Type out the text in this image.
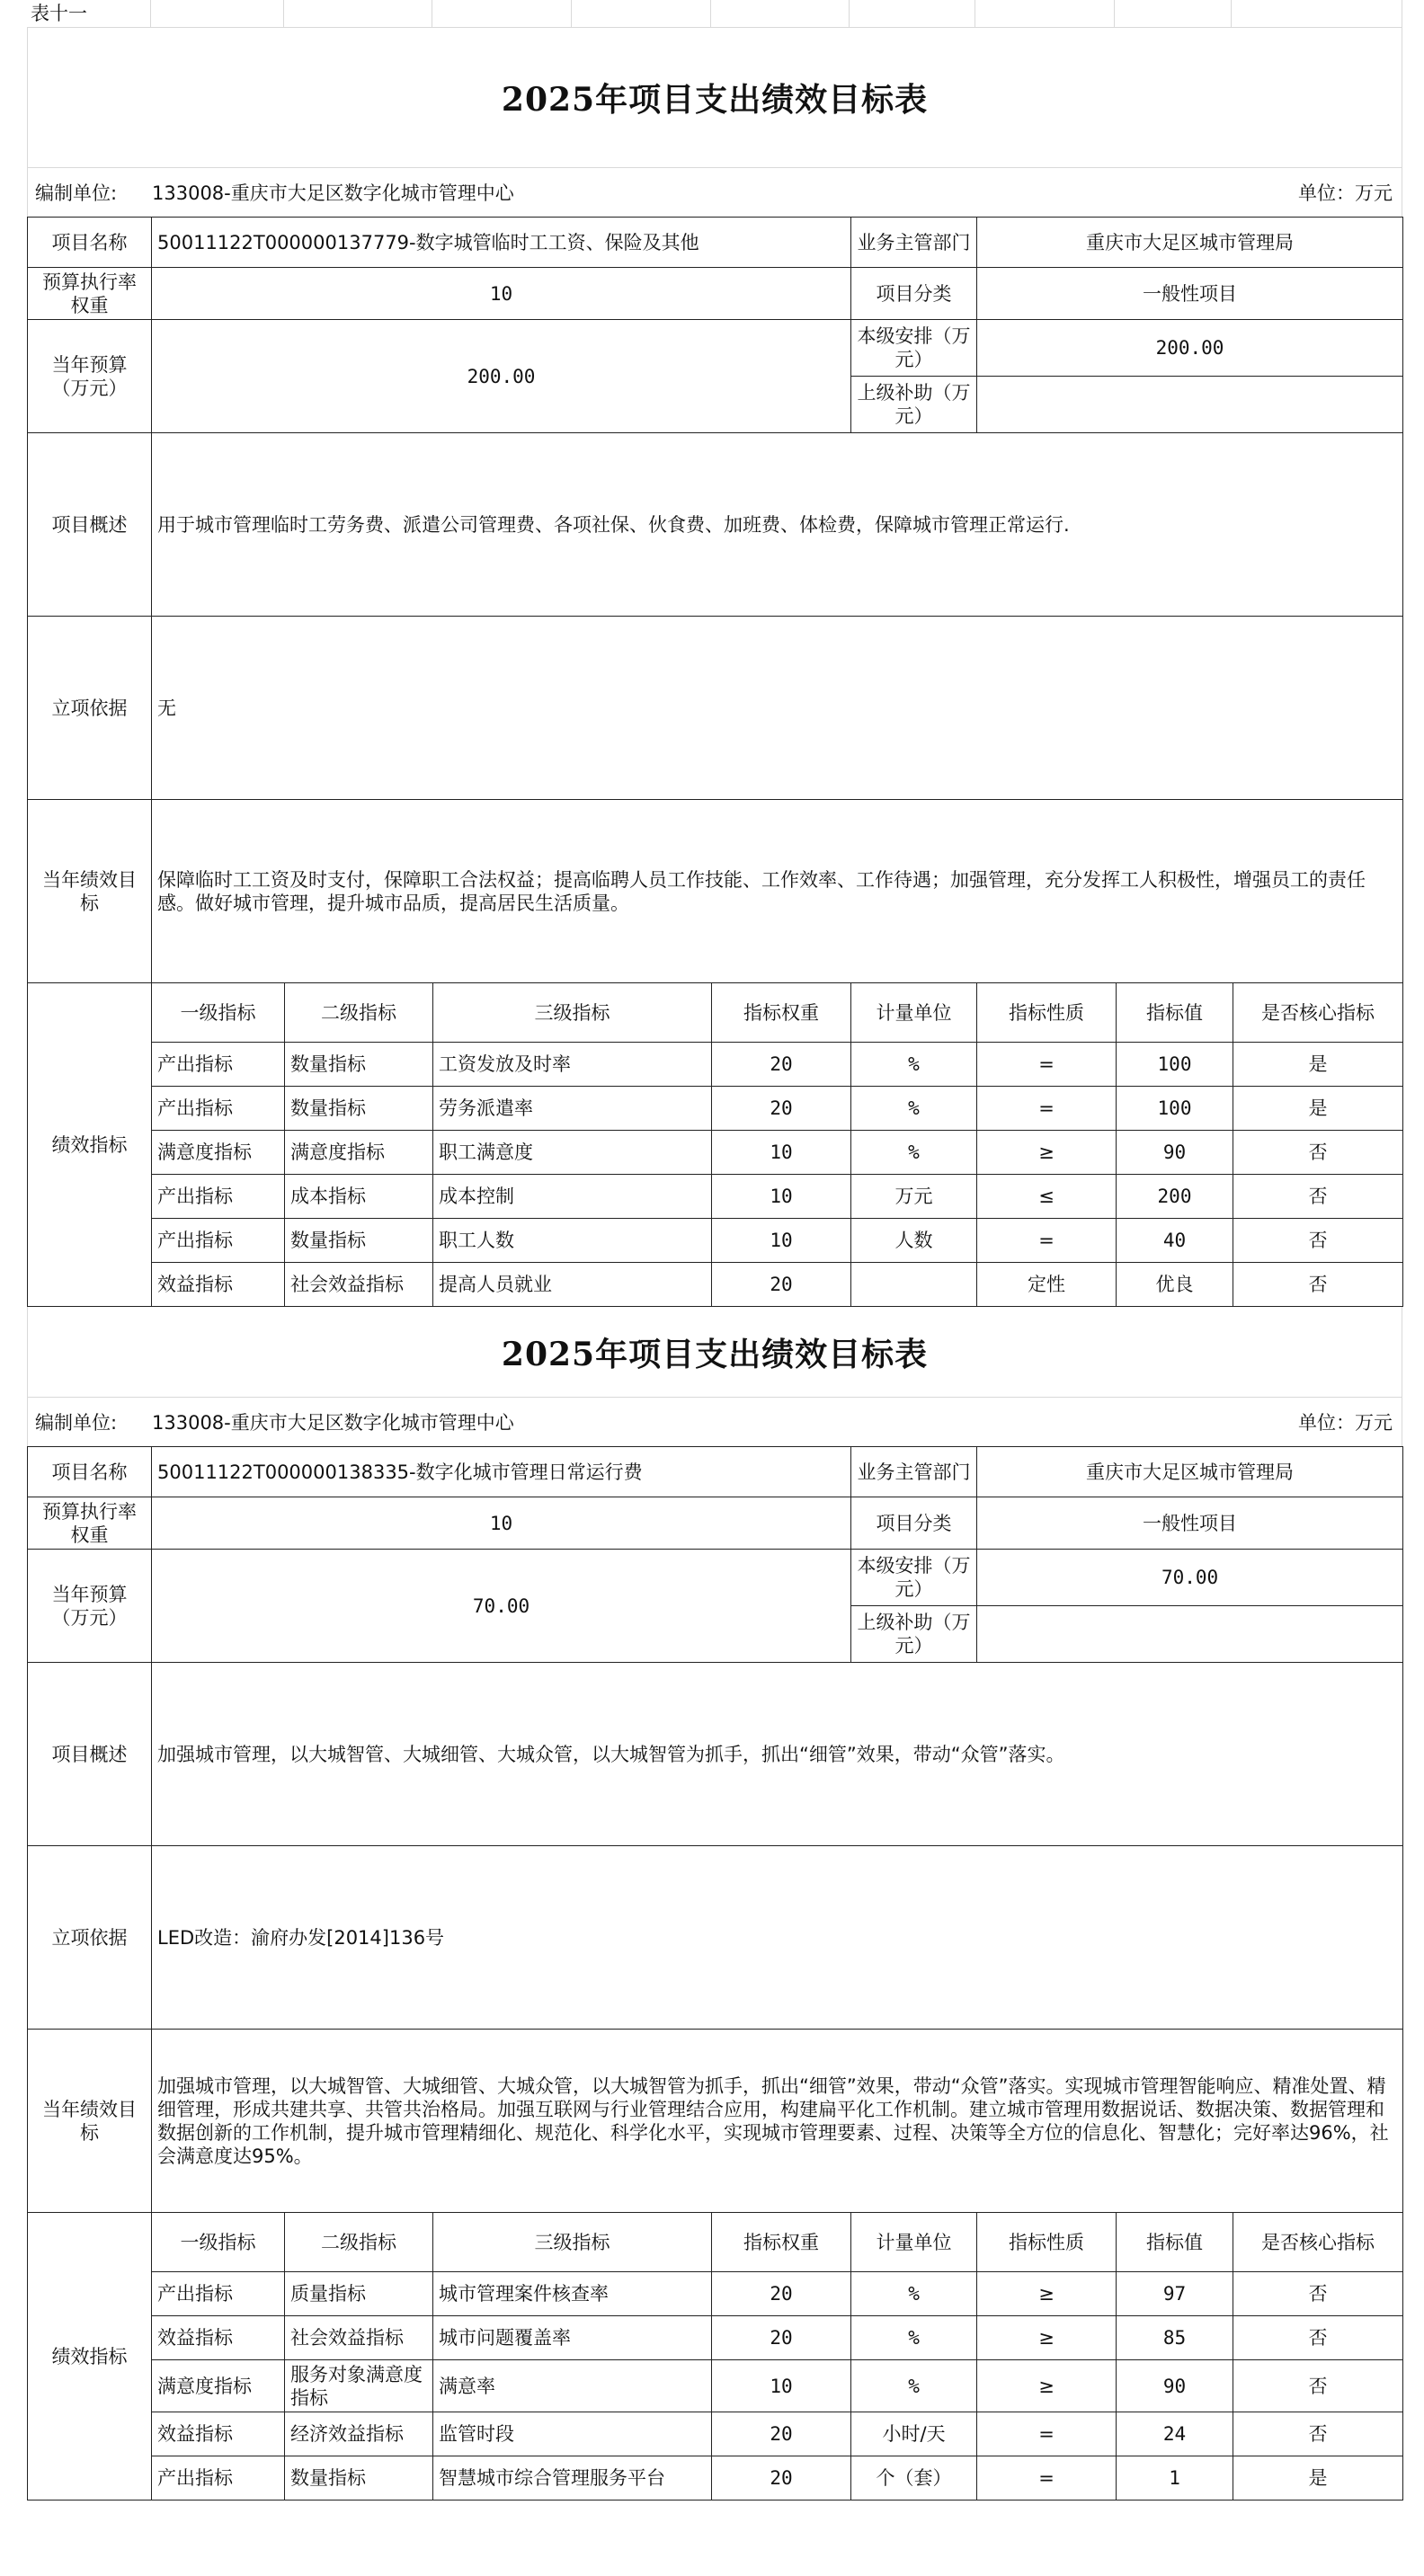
表十一
2025年项目支出绩效目标表
编制单位:	133008-重庆市大足区数字化城市管理中心	单位：万元
项目名称	50011122T000000137779-数字城管临时工工资、保险及其他				业务主管部门	重庆市大足区城市管理局		
预算执行率权重	10				项目分类	一般性项目		
当年预算（万元）	200.00				本级安排（万元）	200.00		
					上级补助（万元）			
项目概述	用于城市管理临时工劳务费、派遣公司管理费、各项社保、伙食费、加班费、体检费，保障城市管理正常运行.							
立项依据	无							
当年绩效目标	保障临时工工资及时支付，保障职工合法权益；提高临聘人员工作技能、工作效率、工作待遇；加强管理，充分发挥工人积极性，增强员工的责任感。做好城市管理，提升城市品质，提高居民生活质量。							
绩效指标	一级指标	二级指标	三级指标	指标权重	计量单位	指标性质	指标值	是否核心指标
	产出指标	数量指标	工资发放及时率	20	%	=	100	是
	产出指标	数量指标	劳务派遣率	20	%	=	100	是
	满意度指标	满意度指标	职工满意度	10	%	≥	90	否
	产出指标	成本指标	成本控制	10	万元	≤	200	否
	产出指标	数量指标	职工人数	10	人数	=	40	否
	效益指标	社会效益指标	提高人员就业	20		定性	优良	否
2025年项目支出绩效目标表
编制单位:	133008-重庆市大足区数字化城市管理中心	单位：万元
项目名称	50011122T000000138335-数字化城市管理日常运行费				业务主管部门	重庆市大足区城市管理局		
预算执行率权重	10				项目分类	一般性项目		
当年预算（万元）	70.00				本级安排（万元）	70.00		
					上级补助（万元）			
项目概述	加强城市管理，以大城智管、大城细管、大城众管，以大城智管为抓手，抓出“细管”效果，带动“众管”落实。							
立项依据	LED改造：渝府办发[2014]136号							
当年绩效目标	加强城市管理，以大城智管、大城细管、大城众管，以大城智管为抓手，抓出“细管”效果，带动“众管”落实。实现城市管理智能响应、精准处置、精细管理，形成共建共享、共管共治格局。加强互联网与行业管理结合应用，构建扁平化工作机制。建立城市管理用数据说话、数据决策、数据管理和数据创新的工作机制，提升城市管理精细化、规范化、科学化水平，实现城市管理要素、过程、决策等全方位的信息化、智慧化；完好率达96%，社会满意度达95%。							
绩效指标	一级指标	二级指标	三级指标	指标权重	计量单位	指标性质	指标值	是否核心指标
	产出指标	质量指标	城市管理案件核查率	20	%	≥	97	否
	效益指标	社会效益指标	城市问题覆盖率	20	%	≥	85	否
	满意度指标	服务对象满意度指标	满意率	10	%	≥	90	否
	效益指标	经济效益指标	监管时段	20	小时/天	=	24	否
	产出指标	数量指标	智慧城市综合管理服务平台	20	个（套）	=	1	是
